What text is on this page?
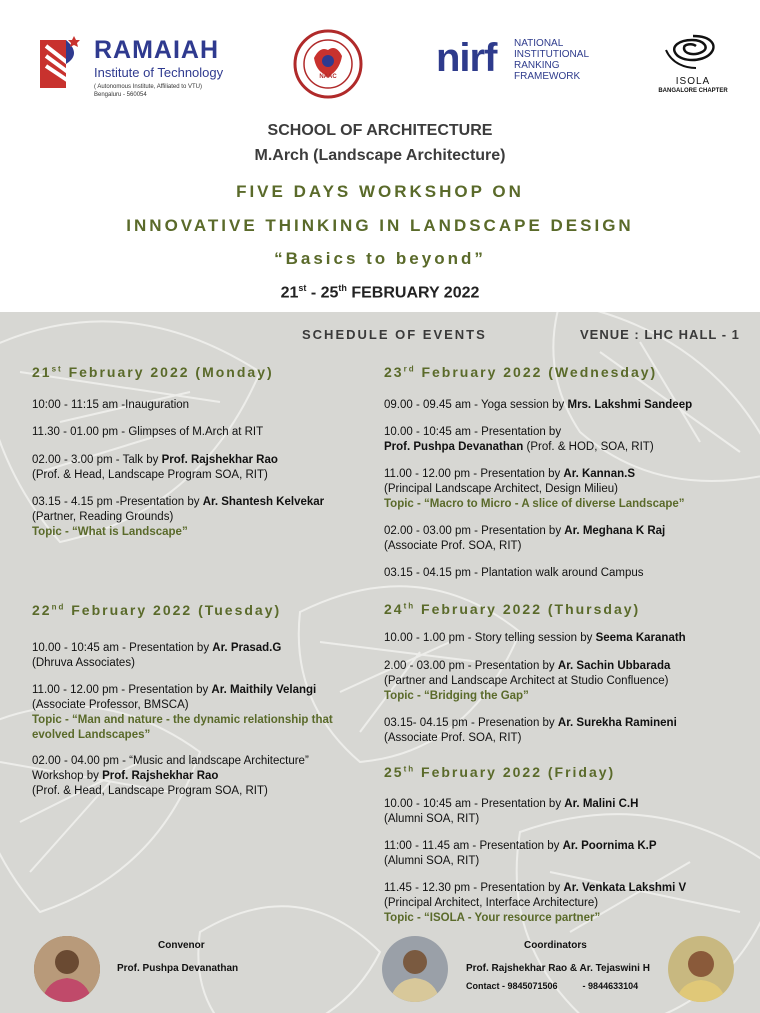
RAMAIAH
Institute of Technology
( Autonomous Institute, Affiliated to VTU)
Bengaluru - 560054
NAAC nirf NATIONAL
INSTITUTIONAL
RANKING
FRAMEWORK	ISOLA
BANGALORE CHAPTER
SCHOOL OF ARCHITECTURE
M.Arch (Landscape Architecture)
FIVE DAYS WORKSHOP ON
INNOVATIVE THINKING IN LANDSCAPE DESIGN
“Basics to beyond”
21st - 25th FEBRUARY 2022
SCHEDULE OF EVENTS	VENUE : LHC HALL - 1
21st February 2022 (Monday)
10:00 - 11:15 am -Inauguration
11.30 - 01.00 pm - Glimpses of M.Arch at RIT
02.00 - 3.00 pm - Talk by Prof. Rajshekhar Rao
(Prof. & Head, Landscape Program SOA, RIT)
03.15 - 4.15 pm -Presentation by Ar. Shantesh Kelvekar
(Partner, Reading Grounds)
Topic - “What is Landscape”
22nd February 2022 (Tuesday)
10.00 - 10:45 am - Presentation by Ar. Prasad.G
(Dhruva Associates)
11.00 - 12.00 pm - Presentation by Ar. Maithily Velangi
(Associate Professor, BMSCA)
Topic - “Man and nature - the dynamic relationship that evolved Landscapes”
02.00 - 04.00 pm - “Music and landscape Architecture”
Workshop by Prof. Rajshekhar Rao
(Prof. & Head, Landscape Program SOA, RIT)
23rd February 2022 (Wednesday)
09.00 - 09.45 am - Yoga session by Mrs. Lakshmi Sandeep
10.00 - 10:45 am - Presentation by
Prof. Pushpa Devanathan (Prof. & HOD, SOA, RIT)
11.00 - 12.00 pm - Presentation by Ar. Kannan.S
(Principal Landscape Architect, Design Milieu)
Topic - “Macro to Micro - A slice of diverse Landscape”
02.00 - 03.00 pm - Presentation by Ar. Meghana K Raj
(Associate Prof. SOA, RIT)
03.15 - 04.15 pm - Plantation walk around Campus
24th February 2022 (Thursday)
10.00 - 1.00 pm - Story telling session by Seema Karanath
2.00 - 03.00 pm - Presentation by Ar. Sachin Ubbarada
(Partner and Landscape Architect at Studio Confluence)
Topic - “Bridging the Gap”
03.15- 04.15 pm - Presenation by Ar. Surekha Ramineni
(Associate Prof. SOA, RIT)
25th February 2022 (Friday)
10.00 - 10:45 am - Presentation by Ar. Malini C.H
(Alumni SOA, RIT)
11:00 - 11.45 am - Presentation by Ar. Poornima K.P
(Alumni SOA, RIT)
11.45 - 12.30 pm - Presentation by Ar. Venkata Lakshmi V
(Principal Architect, Interface Architecture)
Topic - “ISOLA - Your resource partner”
Convenor
Prof. Pushpa Devanathan
Coordinators
Prof. Rajshekhar Rao & Ar. Tejaswini H
Contact - 9845071506          - 9844633104
